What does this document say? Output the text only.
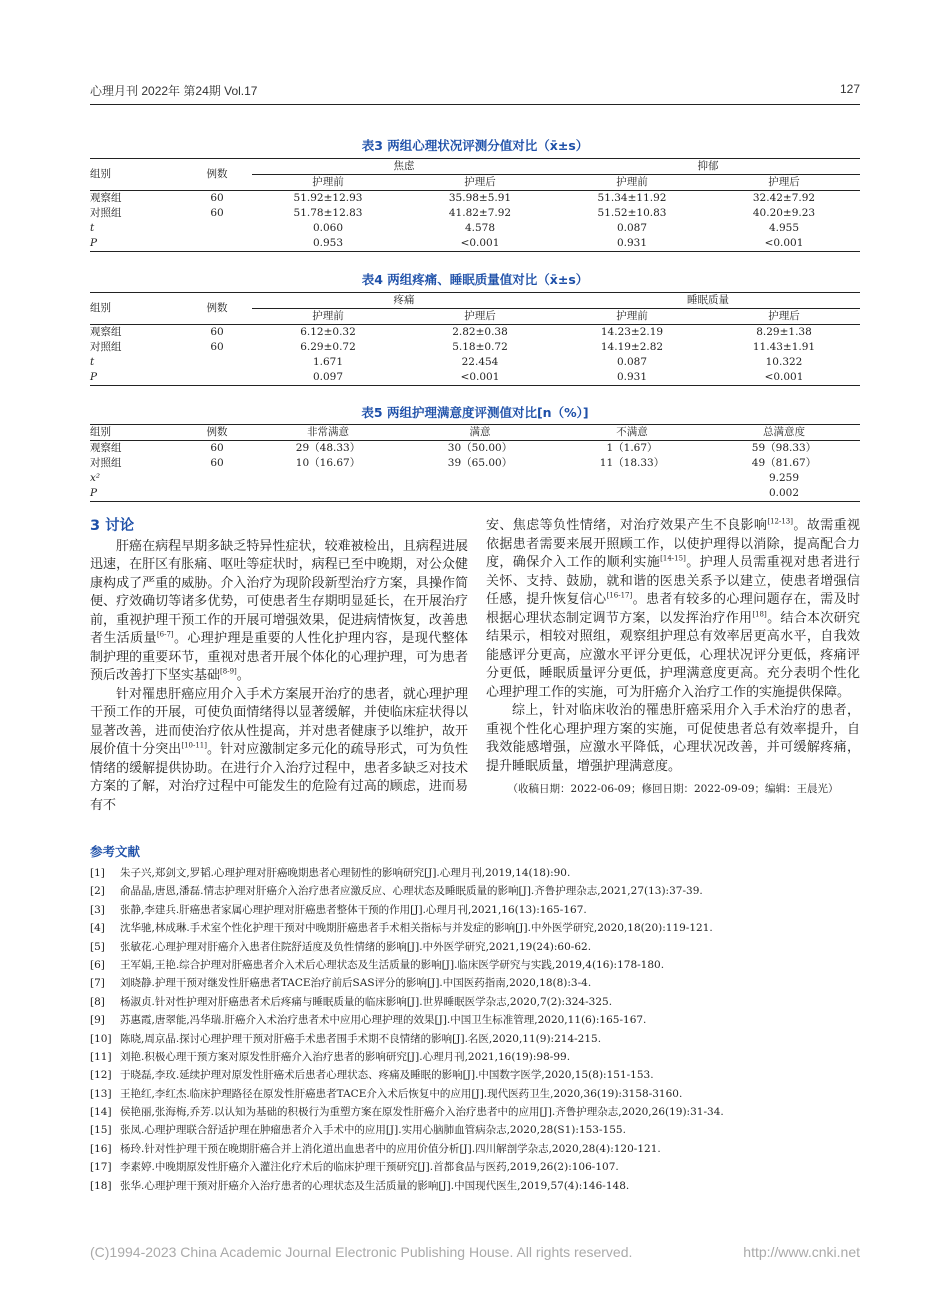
心理月刊 2022年 第24期 Vol.17	127
表3 两组心理状况评测分值对比（x̄±s）
组别	例数	焦虑		抑郁	
		护理前	护理后	护理前	护理后
观察组	60	51.92±12.93	35.98±5.91	51.34±11.92	32.42±7.92
对照组	60	51.78±12.83	41.82±7.92	51.52±10.83	40.20±9.23
t		0.060	4.578	0.087	4.955
P		0.953	<0.001	0.931	<0.001
表4 两组疼痛、睡眠质量值对比（x̄±s）
组别	例数	疼痛		睡眠质量	
		护理前	护理后	护理前	护理后
观察组	60	6.12±0.32	2.82±0.38	14.23±2.19	8.29±1.38
对照组	60	6.29±0.72	5.18±0.72	14.19±2.82	11.43±1.91
t		1.671	22.454	0.087	10.322
P		0.097	<0.001	0.931	<0.001
表5 两组护理满意度评测值对比[n（%）]
组别	例数	非常满意	满意	不满意	总满意度
观察组	60	29（48.33）	30（50.00）	1（1.67）	59（98.33）
对照组	60	10（16.67）	39（65.00）	11（18.33）	49（81.67）
x²					9.259
P					0.002
3 讨论

肝癌在病程早期多缺乏特异性症状，较难被检出，且病程进展迅速，在肝区有胀痛、呕吐等症状时，病程已至中晚期，对公众健康构成了严重的威胁。介入治疗为现阶段新型治疗方案，具操作简便、疗效确切等诸多优势，可使患者生存期明显延长，在开展治疗前，重视护理干预工作的开展可增强效果，促进病情恢复，改善患者生活质量[6-7]。心理护理是重要的人性化护理内容，是现代整体制护理的重要环节，重视对患者开展个体化的心理护理，可为患者预后改善打下坚实基础[8-9]。

针对罹患肝癌应用介入手术方案展开治疗的患者，就心理护理干预工作的开展，可使负面情绪得以显著缓解，并使临床症状得以显著改善，进而使治疗依从性提高，并对患者健康予以维护，故开展价值十分突出[10-11]。针对应激制定多元化的疏导形式，可为负性情绪的缓解提供协助。在进行介入治疗过程中，患者多缺乏对技术方案的了解，对治疗过程中可能发生的危险有过高的顾虑，进而易有不

安、焦虑等负性情绪，对治疗效果产生不良影响[12-13]。故需重视依据患者需要来展开照顾工作，以使护理得以消除，提高配合力度，确保介入工作的顺利实施[14-15]。护理人员需重视对患者进行关怀、支持、鼓励，就和谐的医患关系予以建立，使患者增强信任感，提升恢复信心[16-17]。患者有较多的心理问题存在，需及时根据心理状态制定调节方案，以发挥治疗作用[18]。结合本次研究结果示，相较对照组，观察组护理总有效率居更高水平，自我效能感评分更高，应激水平评分更低，心理状况评分更低，疼痛评分更低，睡眠质量评分更低，护理满意度更高。充分表明个性化心理护理工作的实施，可为肝癌介入治疗工作的实施提供保障。

综上，针对临床收治的罹患肝癌采用介入手术治疗的患者，重视个性化心理护理方案的实施，可促使患者总有效率提升，自我效能感增强，应激水平降低，心理状况改善，并可缓解疼痛，提升睡眠质量，增强护理满意度。

（收稿日期：2022-06-09；修回日期：2022-09-09；编辑：王晨光）
参考文献
[1] 朱子兴,郑剑文,罗韬.心理护理对肝癌晚期患者心理韧性的影响研究[J].心理月刊,2019,14(18):90.
[2] 俞晶晶,唐恩,潘磊.情志护理对肝癌介入治疗患者应激反应、心理状态及睡眠质量的影响[J].齐鲁护理杂志,2021,27(13):37-39.
[3] 张静,李建兵.肝癌患者家属心理护理对肝癌患者整体干预的作用[J].心理月刊,2021,16(13):165-167.
[4] 沈华驰,林成琳.手术室个性化护理干预对中晚期肝癌患者手术相关指标与并发症的影响[J].中外医学研究,2020,18(20):119-121.
[5] 张敏花.心理护理对肝癌介入患者住院舒适度及负性情绪的影响[J].中外医学研究,2021,19(24):60-62.
[6] 王军娟,王艳.综合护理对肝癌患者介入术后心理状态及生活质量的影响[J].临床医学研究与实践,2019,4(16):178-180.
[7] 刘晓静.护理干预对继发性肝癌患者TACE治疗前后SAS评分的影响[J].中国医药指南,2020,18(8):3-4.
[8] 杨淑贞.针对性护理对肝癌患者术后疼痛与睡眠质量的临床影响[J].世界睡眠医学杂志,2020,7(2):324-325.
[9] 苏惠霞,唐翠能,冯华瑞.肝癌介入术治疗患者术中应用心理护理的效果[J].中国卫生标准管理,2020,11(6):165-167.
[10] 陈晓,周京晶.探讨心理护理干预对肝癌手术患者围手术期不良情绪的影响[J].名医,2020,11(9):214-215.
[11] 刘艳.积极心理干预方案对原发性肝癌介入治疗患者的影响研究[J].心理月刊,2021,16(19):98-99.
[12] 于晓磊,李玫.延续护理对原发性肝癌术后患者心理状态、疼痛及睡眠的影响[J].中国数字医学,2020,15(8):151-153.
[13] 王艳红,李红杰.临床护理路径在原发性肝癌患者TACE介入术后恢复中的应用[J].现代医药卫生,2020,36(19):3158-3160.
[14] 侯艳丽,张海梅,乔芳.以认知为基础的积极行为重塑方案在原发性肝癌介入治疗患者中的应用[J].齐鲁护理杂志,2020,26(19):31-34.
[15] 张凤.心理护理联合舒适护理在肿瘤患者介入手术中的应用[J].实用心脑肺血管病杂志,2020,28(S1):153-155.
[16] 杨玲.针对性护理干预在晚期肝癌合并上消化道出血患者中的应用价值分析[J].四川解剖学杂志,2020,28(4):120-121.
[17] 李素婷.中晚期原发性肝癌介入灌注化疗术后的临床护理干预研究[J].首都食品与医药,2019,26(2):106-107.
[18] 张华.心理护理干预对肝癌介入治疗患者的心理状态及生活质量的影响[J].中国现代医生,2019,57(4):146-148.
(C)1994-2023 China Academic Journal Electronic Publishing House. All rights reserved.	http://www.cnki.net
